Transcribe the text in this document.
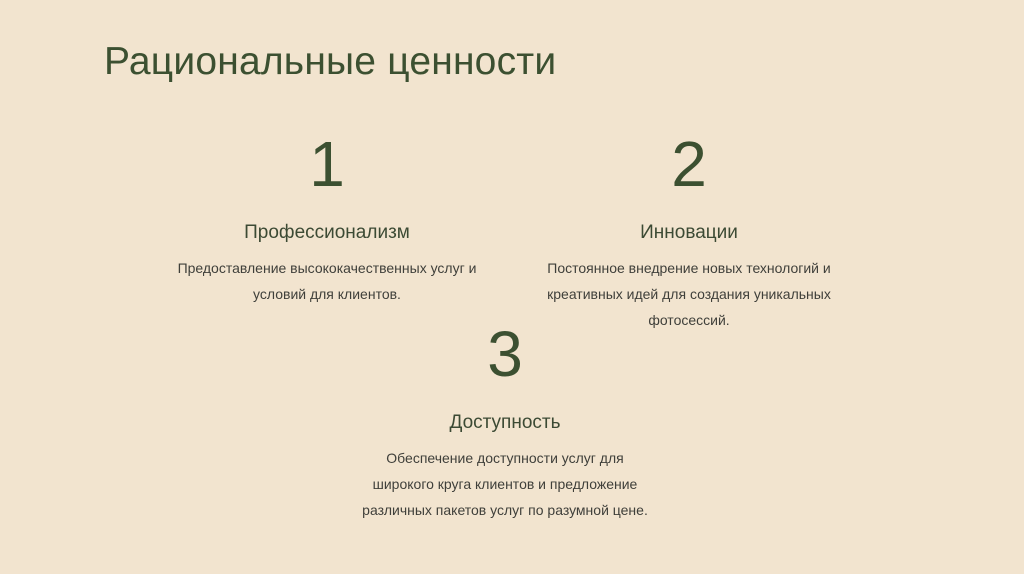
Рациональные ценности
1
Профессионализм
Предоставление высококачественных услуг и условий для клиентов.
2
Инновации
Постоянное внедрение новых технологий и креативных идей для создания уникальных фотосессий.
3
Доступность
Обеспечение доступности услуг для широкого круга клиентов и предложение различных пакетов услуг по разумной цене.
